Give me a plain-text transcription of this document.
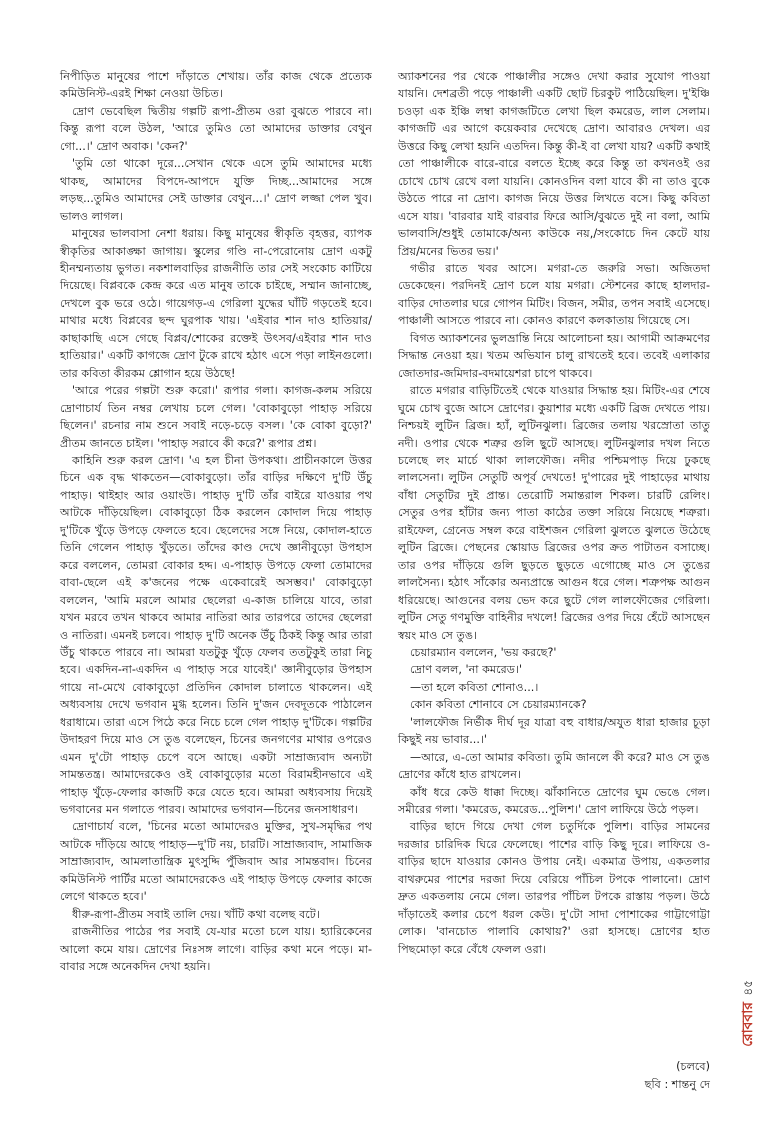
নিপীড়িত মানুষের পাশে দাঁড়াতে শেখায়। তাঁর কাজ থেকে প্রত্যেক কমিউনিস্ট-এরই শিক্ষা নেওয়া উচিত।

দ্রোণ ভেবেছিল দ্বিতীয় গল্পটি রূপা-প্রীতম ওরা বুঝতে পারবে না। কিন্তু রূপা বলে উঠল, 'আরে তুমিও তো আমাদের ডাক্তার বেথুন গো...।' দ্রোণ অবাক। 'কেন?'

'তুমি তো থাকো দূরে...সেখান থেকে এসে তুমি আমাদের মধ্যে থাকছ, আমাদের বিপদে-আপদে যুক্তি দিচ্ছ...আমাদের সঙ্গে লড়ছ...তুমিও আমাদের সেই ডাক্তার বেথুন...।' দ্রোণ লজ্জা পেল খুব। ভালও লাগল।

মানুষের ভালবাসা নেশা ধরায়। কিছু মানুষের স্বীকৃতি বৃহত্তর, ব্যাপক স্বীকৃতির আকাঙ্ক্ষা জাগায়। স্কুলের গণ্ডি না-পেরোনোয় দ্রোণ একটু হীনম্মন্যতায় ভুগত। নকশালবাড়ির রাজনীতি তার সেই সংকোচ কাটিয়ে দিয়েছে। বিপ্লবকে কেন্দ্র করে এত মানুষ তাকে চাইছে, সম্মান জানাচ্ছে, দেখলে বুক ভরে ওঠে। গায়েগড়-এ গেরিলা যুদ্ধের ঘাঁটি গড়তেই হবে। মাথার মধ্যে বিপ্লবের ছন্দ ঘুরপাক খায়। 'এইবার শান দাও হাতিয়ার/কাছাকাছি এসে গেছে বিপ্লব/শোকের রক্তেই উৎসব/এইবার শান দাও হাতিয়ার।' একটি কাগজে দ্রোণ টুকে রাখে হঠাৎ এসে পড়া লাইনগুলো। তার কবিতা কীরকম শ্লোগান হয়ে উঠছে!

'আরে পরের গল্পটা শুরু করো।' রূপার গলা। কাগজ-কলম সরিয়ে দ্রোণাচার্য তিন নম্বর লেখায় চলে গেল। 'বোকাবুড়ো পাহাড় সরিয়ে ছিলেন।' রচনার নাম শুনে সবাই নড়ে-চড়ে বসল। 'কে বোকা বুড়ো?' প্রীতম জানতে চাইল। 'পাহাড় সরাবে কী করে?' রূপার প্রশ্ন।

কাহিনি শুরু করল দ্রোণ। 'এ হল চীনা উপকথা। প্রাচীনকালে উত্তর চিনে এক বৃদ্ধ থাকতেন—বোকাবুড়ো। তাঁর বাড়ির দক্ষিণে দু'টি উঁচু পাহাড়। থাইহাং আর ওয়াংউ। পাহাড় দু'টি তাঁর বাইরে যাওয়ার পথ আটকে দাঁড়িয়েছিল। বোকাবুড়ো ঠিক করলেন কোদাল দিয়ে পাহাড় দু'টিকে খুঁড়ে উপড়ে ফেলতে হবে। ছেলেদের সঙ্গে নিয়ে, কোদাল-হাতে তিনি গেলেন পাহাড় খুঁড়তে। তাঁদের কাণ্ড দেখে জ্ঞানীবুড়ো উপহাস করে বললেন, তোমরা বোকার হদ্দ। এ-পাহাড় উপড়ে ফেলা তোমাদের বাবা-ছেলে এই ক'জনের পক্ষে একেবারেই অসম্ভব।' বোকাবুড়ো বললেন, 'আমি মরলে আমার ছেলেরা এ-কাজ চালিয়ে যাবে, তারা যখন মরবে তখন থাকবে আমার নাতিরা আর তারপরে তাদের ছেলেরা ও নাতিরা। এমনই চলবে। পাহাড় দু'টি অনেক উঁচু ঠিকই কিন্তু আর তারা উঁচু থাকতে পারবে না। আমরা যতটুকু খুঁড়ে ফেলব ততটুকুই তারা নিচু হবে। একদিন-না-একদিন এ পাহাড় সরে যাবেই।' জ্ঞানীবুড়োর উপহাস গায়ে না-মেখে বোকাবুড়ো প্রতিদিন কোদাল চালাতে থাকলেন। এই অধ্যবসায় দেখে ভগবান মুগ্ধ হলেন। তিনি দু'জন দেবদূতকে পাঠালেন ধরাধামে। তারা এসে পিঠে করে নিচে চলে গেল পাহাড় দু'টিকে। গল্পটির উদাহরণ দিয়ে মাও সে তুঙ বলেছেন, চিনের জনগণের মাথার ওপরেও এমন দু'টো পাহাড় চেপে বসে আছে। একটা সাম্রাজ্যবাদ অন্যটা সামন্ততন্ত্র। আমাদেরকেও ওই বোকাবুড়োর মতো বিরামহীনভাবে এই পাহাড় খুঁড়ে-ফেলার কাজটি করে যেতে হবে। আমরা অধ্যবসায় দিয়েই ভগবানের মন গলাতে পারব। আমাদের ভগবান—চিনের জনসাধারণ।

দ্রোণাচার্য বলে, 'চিনের মতো আমাদেরও মুক্তির, সুখ-সমৃদ্ধির পথ আটকে দাঁড়িয়ে আছে পাহাড়—দু'টি নয়, চারটি। সাম্রাজ্যবাদ, সামাজিক সাম্রাজ্যবাদ, আমলাতান্ত্রিক মুৎসুদ্দি পুঁজিবাদ আর সামন্তবাদ। চিনের কমিউনিস্ট পার্টির মতো আমাদেরকেও এই পাহাড় উপড়ে ফেলার কাজে লেগে থাকতে হবে।'

ধীরু-রূপা-প্রীতম সবাই তালি দেয়। খাঁটি কথা বলেছ বটে।

রাজনীতির পাঠের পর সবাই যে-যার মতো চলে যায়। হ্যারিকেনের আলো কমে যায়। দ্রোণের নিঃসঙ্গ লাগে। বাড়ির কথা মনে পড়ে। মা-বাবার সঙ্গে অনেকদিন দেখা হয়নি।

অ্যাকশনের পর থেকে পাঞ্চালীর সঙ্গেও দেখা করার সুযোগ পাওয়া যায়নি। দেশব্রতী পড়ে পাঞ্চালী একটি ছোট চিরকুট পাঠিয়েছিল। দু'ইঞ্চি চওড়া এক ইঞ্চি লম্বা কাগজটিতে লেখা ছিল কমরেড, লাল সেলাম। কাগজটি এর আগে কয়েকবার দেখেছে দ্রোণ। আবারও দেখল। এর উত্তরে কিছু লেখা হয়নি এতদিন। কিন্তু কী-ই বা লেখা যায়? একটি কথাই তো পাঞ্চালীকে বারে-বারে বলতে ইচ্ছে করে কিন্তু তা কখনওই ওর চোখে চোখ রেখে বলা যায়নি। কোনওদিন বলা যাবে কী না তাও বুকে উঠতে পারে না দ্রোণ। কাগজ নিয়ে উত্তর লিখতে বসে। কিছু কবিতা এসে যায়। 'বারবার যাই বারবার ফিরে আসি/বুঝতে দুই না বলা, আমি ভালবাসি/শুধুই তোমাকে/অন্য কাউকে নয়,/সংকোচে দিন কেটে যায় প্রিয়/মনের ভিতর ভয়।'

গভীর রাতে খবর আসে। মগরা-তে জরুরি সভা। অজিতদা ডেকেছেন। পরদিনই দ্রোণ চলে যায় মগরা। স্টেশনের কাছে হালদার-বাড়ির দোতলার ঘরে গোপন মিটিং। বিজন, সমীর, তপন সবাই এসেছে। পাঞ্চালী আসতে পারবে না। কোনও কারণে কলকাতায় গিয়েছে সে।

বিগত অ্যাকশনের ভুলভ্রান্তি নিয়ে আলোচনা হয়। আগামী আক্রমণের সিদ্ধান্ত নেওয়া হয়। খতম অভিযান চালু রাখতেই হবে। তবেই এলাকার জোতদার-জমিদার-বদমায়েশরা চাপে থাকবে।

রাতে মগরার বাড়িটিতেই থেকে যাওয়ার সিদ্ধান্ত হয়। মিটিং-এর শেষে ঘুমে চোখ বুজে আসে দ্রোণের। কুয়াশার মধ্যে একটি ব্রিজ দেখতে পায়। নিশ্চয়ই লুটিন ব্রিজ। হ্যাঁ, লুটিনঝুলা। ব্রিজের তলায় খরস্রোতা তাতু নদী। ওপার থেকে শত্রুর গুলি ছুটে আসছে। লুটিনঝুলার দখল নিতে চলেছে লং মার্চে থাকা লালফৌজ। নদীর পশ্চিমপাড় দিয়ে ঢুকছে লালসেনা। লুটিন সেতুটি অপূর্ব দেখতে! দু'পারের দুই পাহাড়ের মাথায় বাঁধা সেতুটির দুই প্রান্ত। তেরোটি সমান্তরাল শিকল। চারটি রেলিং। সেতুর ওপর হাঁটার জন্য পাতা কাঠের তক্তা সরিয়ে নিয়েছে শত্রুরা। রাইফেল, গ্রেনেড সম্বল করে বাইশজন গেরিলা ঝুলতে ঝুলতে উঠেছে লুটিন ব্রিজে। পেছনের স্কোয়াড ব্রিজের ওপর ক্রত পাটাতন বসাচ্ছে। তার ওপর দাঁড়িয়ে গুলি ছুড়তে ছুড়তে এগোচ্ছে মাও সে তুঙের লালসৈন্য। হঠাৎ সাঁকোর অন্যপ্রান্তে আগুন ধরে গেল। শত্রুপক্ষ আগুন ধরিয়েছে। আগুনের বলয় ভেদ করে ছুটে গেল লালফৌজের গেরিলা। লুটিন সেতু গণমুক্তি বাহিনীর দখলে! ব্রিজের ওপর দিয়ে হেঁটে আসছেন স্বয়ং মাও সে তুঙ।

চেয়ারম্যান বললেন, 'ভয় করছে?'

দ্রোণ বলল, 'না কমরেড।'

—তা হলে কবিতা শোনাও...।

কোন কবিতা শোনাবে সে চেয়ারম্যানকে?

'লালফৌজ নির্ভীক দীর্ঘ দূর যাত্রা বহু বাধার/অযুত ধারা হাজার চূড়া কিছুই নয় ভাবার...।'

—আরে, এ-তো আমার কবিতা। তুমি জানলে কী করে? মাও সে তুঙ দ্রোণের কাঁধে হাত রাখলেন।

কাঁধ ধরে কেউ ধাক্কা দিচ্ছে। ঝাঁকানিতে দ্রোণের ঘুম ভেঙে গেল। সমীরের গলা। 'কমরেড, কমরেড...পুলিশ।' দ্রোণ লাফিয়ে উঠে পড়ল।

বাড়ির ছাদে গিয়ে দেখা গেল চতুর্দিকে পুলিশ। বাড়ির সামনের দরজার চারিদিক ঘিরে ফেলেছে। পাশের বাড়ি কিছু দূরে। লাফিয়ে ও-বাড়ির ছাদে যাওয়ার কোনও উপায় নেই। একমাত্র উপায়, একতলার বাথরুমের পাশের দরজা দিয়ে বেরিয়ে পাঁচিল টপকে পালানো। দ্রোণ দ্রুত একতলায় নেমে গেল। তারপর পাঁচিল টপকে রাস্তায় পড়ল। উঠে দাঁড়াতেই কলার চেপে ধরল কেউ। দু'টো সাদা পোশাকের গাট্টাগোট্টা লোক। 'বানচোত পালাবি কোথায়?' ওরা হাসছে। দ্রোণের হাত পিছমোড়া করে বেঁধে ফেলল ওরা।

(চলবে)
ছবি : শান্তনু দে
৪৫
রোববার
